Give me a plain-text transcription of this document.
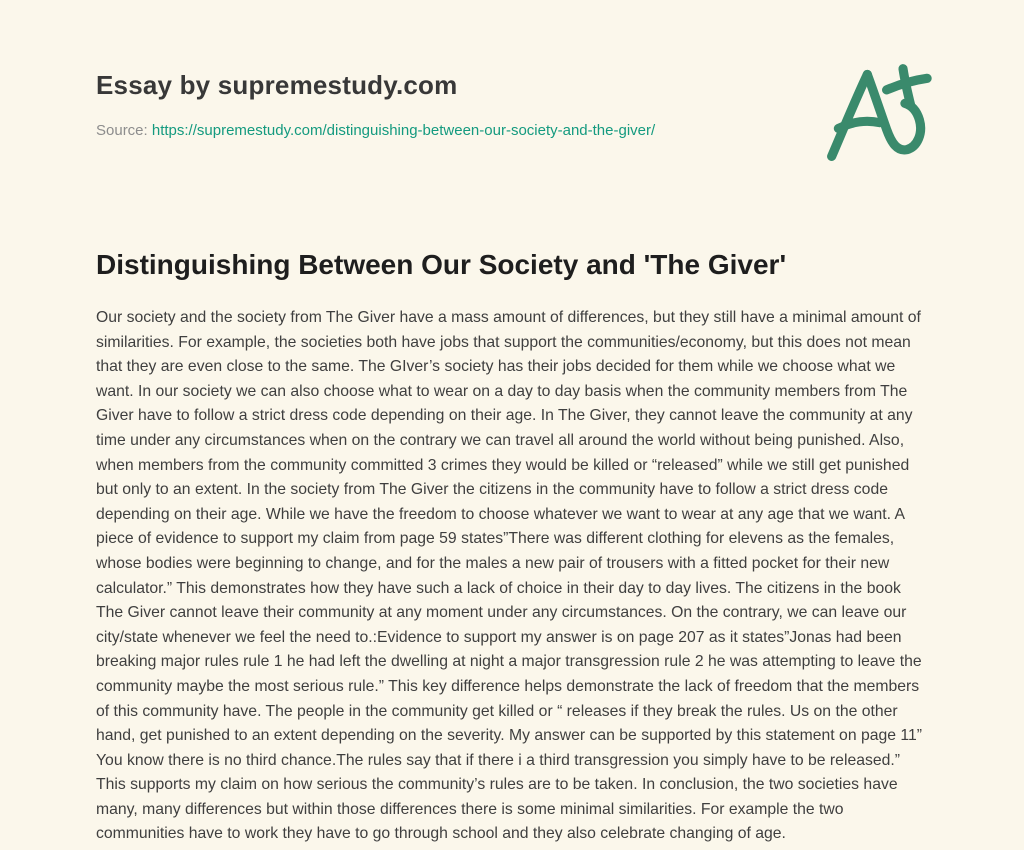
Essay by supremestudy.com

Source: https://supremestudy.com/distinguishing-between-our-society-and-the-giver/

Distinguishing Between Our Society and 'The Giver'

Our society and the society from The Giver have a mass amount of differences, but they still have a minimal amount of similarities. For example, the societies both have jobs that support the communities/economy, but this does not mean that they are even close to the same. The GIver’s society has their jobs decided for them while we choose what we want. In our society we can also choose what to wear on a day to day basis when the community members from The Giver have to follow a strict dress code depending on their age. In The Giver, they cannot leave the community at any time under any circumstances when on the contrary we can travel all around the world without being punished. Also, when members from the community committed 3 crimes they would be killed or “released” while we still get punished but only to an extent. In the society from The Giver the citizens in the community have to follow a strict dress code depending on their age. While we have the freedom to choose whatever we want to wear at any age that we want. A piece of evidence to support my claim from page 59 states”There was different clothing for elevens as the females, whose bodies were beginning to change, and for the males a new pair of trousers with a fitted pocket for their new calculator.” This demonstrates how they have such a lack of choice in their day to day lives. The citizens in the book The Giver cannot leave their community at any moment under any circumstances. On the contrary, we can leave our city/state whenever we feel the need to.:Evidence to support my answer is on page 207 as it states”Jonas had been breaking major rules rule 1 he had left the dwelling at night a major transgression rule 2 he was attempting to leave the community maybe the most serious rule.” This key difference helps demonstrate the lack of freedom that the members of this community have. The people in the community get killed or “ releases if they break the rules. Us on the other hand, get punished to an extent depending on the severity. My answer can be supported by this statement on page 11” You know there is no third chance.The rules say that if there i a third transgression you simply have to be released.” This supports my claim on how serious the community’s rules are to be taken. In conclusion, the two societies have many, many differences but within those differences there is some minimal similarities. For example the two communities have to work they have to go through school and they also celebrate changing of age.
